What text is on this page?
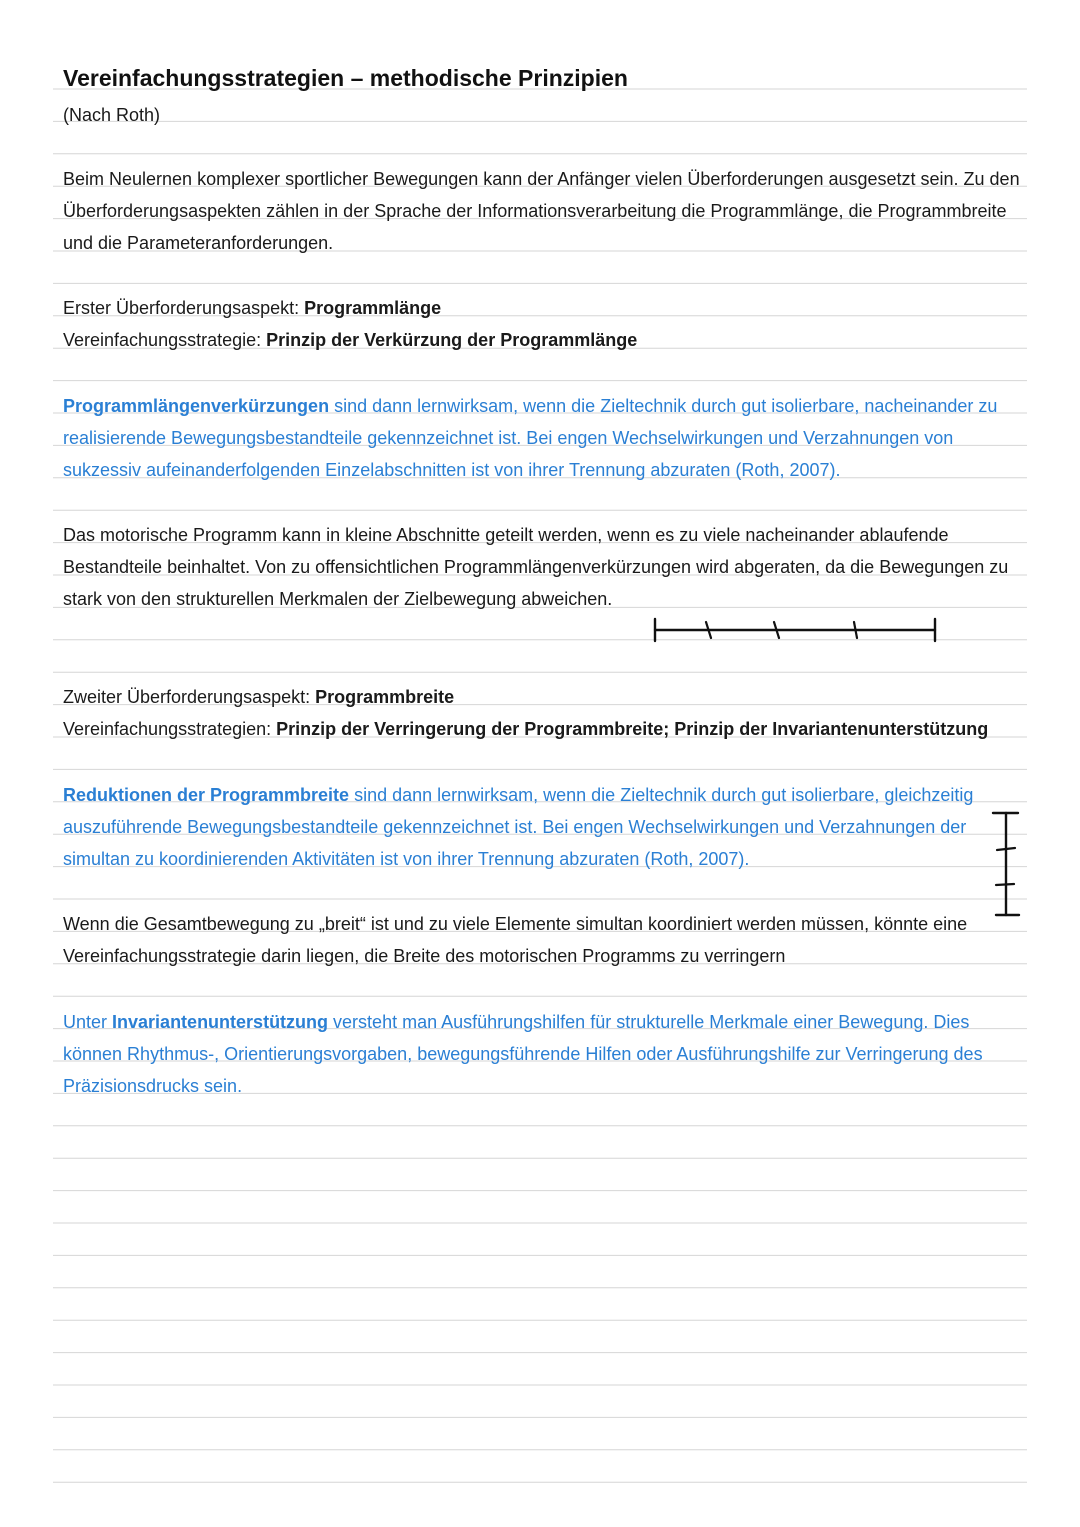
Vereinfachungsstrategien – methodische Prinzipien
(Nach Roth)
Beim Neulernen komplexer sportlicher Bewegungen kann der Anfänger vielen Überforderungen ausgesetzt sein. Zu den
Überforderungsaspekten zählen in der Sprache der Informationsverarbeitung die Programmlänge, die Programmbreite
und die Parameteranforderungen.
Erster Überforderungsaspekt: Programmlänge
Vereinfachungsstrategie: Prinzip der Verkürzung der Programmlänge
Programmlängenverkürzungen sind dann lernwirksam, wenn die Zieltechnik durch gut isolierbare, nacheinander zu
realisierende Bewegungsbestandteile gekennzeichnet ist. Bei engen Wechselwirkungen und Verzahnungen von
sukzessiv aufeinanderfolgenden Einzelabschnitten ist von ihrer Trennung abzuraten (Roth, 2007).
Das motorische Programm kann in kleine Abschnitte geteilt werden, wenn es zu viele nacheinander ablaufende
Bestandteile beinhaltet. Von zu offensichtlichen Programmlängenverkürzungen wird abgeraten, da die Bewegungen zu
stark von den strukturellen Merkmalen der Zielbewegung abweichen.
Zweiter Überforderungsaspekt: Programmbreite
Vereinfachungsstrategien: Prinzip der Verringerung der Programmbreite; Prinzip der Invariantenunterstützung
Reduktionen der Programmbreite sind dann lernwirksam, wenn die Zieltechnik durch gut isolierbare, gleichzeitig
auszuführende Bewegungsbestandteile gekennzeichnet ist. Bei engen Wechselwirkungen und Verzahnungen der
simultan zu koordinierenden Aktivitäten ist von ihrer Trennung abzuraten (Roth, 2007).
Wenn die Gesamtbewegung zu „breit“ ist und zu viele Elemente simultan koordiniert werden müssen, könnte eine
Vereinfachungsstrategie darin liegen, die Breite des motorischen Programms zu verringern
Unter Invariantenunterstützung versteht man Ausführungshilfen für strukturelle Merkmale einer Bewegung. Dies
können Rhythmus-, Orientierungsvorgaben, bewegungsführende Hilfen oder Ausführungshilfe zur Verringerung des
Präzisionsdrucks sein.
